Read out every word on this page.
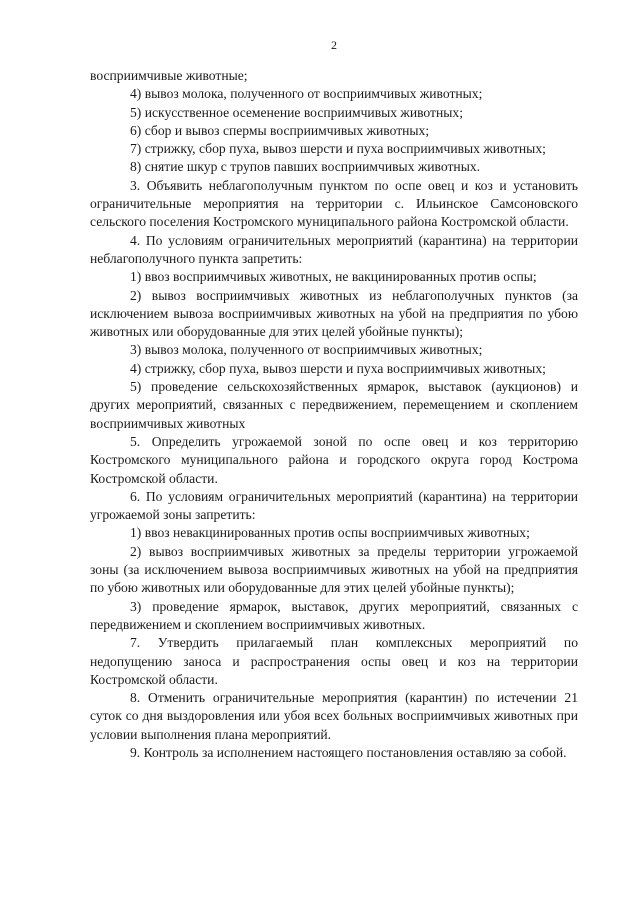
2

восприимчивые животные;

4) вывоз молока, полученного от восприимчивых животных;

5) искусственное осеменение восприимчивых животных;

6) сбор и вывоз спермы восприимчивых животных;

7) стрижку, сбор пуха, вывоз шерсти и пуха восприимчивых животных;

8) снятие шкур с трупов павших восприимчивых животных.

3. Объявить неблагополучным пунктом по оспе овец и коз и установить ограничительные мероприятия на территории с. Ильинское Самсоновского сельского поселения Костромского муниципального района Костромской области.

4. По условиям ограничительных мероприятий (карантина) на территории неблагополучного пункта запретить:

1) ввоз восприимчивых животных, не вакцинированных против оспы;

2) вывоз восприимчивых животных из неблагополучных пунктов (за исключением вывоза восприимчивых животных на убой на предприятия по убою животных или оборудованные для этих целей убойные пункты);

3) вывоз молока, полученного от восприимчивых животных;

4) стрижку, сбор пуха, вывоз шерсти и пуха восприимчивых животных;

5) проведение сельскохозяйственных ярмарок, выставок (аукционов) и других мероприятий, связанных с передвижением, перемещением и скоплением восприимчивых животных

5. Определить угрожаемой зоной по оспе овец и коз территорию Костромского муниципального района и городского округа город Кострома Костромской области.

6. По условиям ограничительных мероприятий (карантина) на территории угрожаемой зоны запретить:

1) ввоз невакцинированных против оспы восприимчивых животных;

2) вывоз восприимчивых животных за пределы территории угрожаемой зоны (за исключением вывоза восприимчивых животных на убой на предприятия по убою животных или оборудованные для этих целей убойные пункты);

3) проведение ярмарок, выставок, других мероприятий, связанных с передвижением и скоплением восприимчивых животных.

7. Утвердить прилагаемый план комплексных мероприятий по недопущению заноса и распространения оспы овец и коз на территории Костромской области.

8. Отменить ограничительные мероприятия (карантин) по истечении 21 суток со дня выздоровления или убоя всех больных восприимчивых животных при условии выполнения плана мероприятий.

9. Контроль за исполнением настоящего постановления оставляю за собой.
